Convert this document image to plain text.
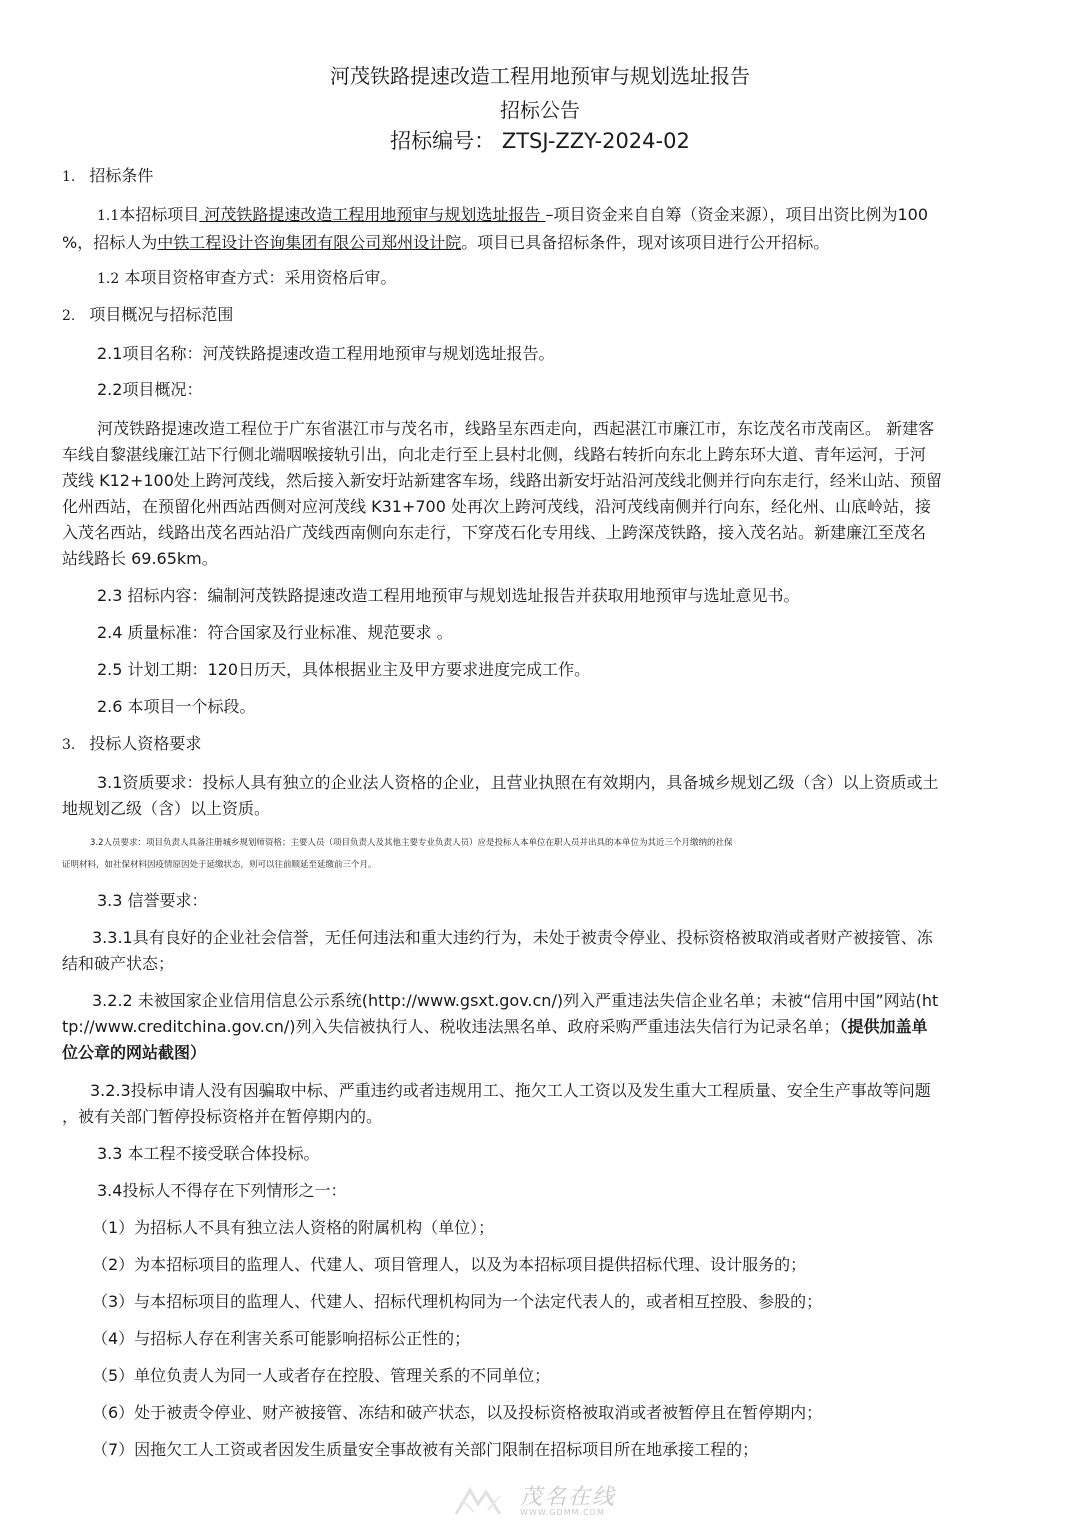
河茂铁路提速改造工程用地预审与规划选址报告
招标公告
招标编号： ZTSJ-ZZY-2024-02
1. 招标条件
1.1本招标项目 河茂铁路提速改造工程用地预审与规划选址报告 –项目资金来自自筹（资金来源），项目出资比例为100
%，招标人为中铁工程设计咨询集团有限公司郑州设计院。项目已具备招标条件，现对该项目进行公开招标。
1.2 本项目资格审查方式：采用资格后审。
2. 项目概况与招标范围
2.1项目名称：河茂铁路提速改造工程用地预审与规划选址报告。
2.2项目概况：
河茂铁路提速改造工程位于广东省湛江市与茂名市，线路呈东西走向，西起湛江市廉江市，东讫茂名市茂南区。 新建客
车线自黎湛线廉江站下行侧北端咽喉接轨引出，向北走行至上县村北侧，线路右转折向东北上跨东环大道、青年运河，于河
茂线 K12+100处上跨河茂线，然后接入新安圩站新建客车场，线路出新安圩站沿河茂线北侧并行向东走行，经米山站、预留
化州西站，在预留化州西站西侧对应河茂线 K31+700 处再次上跨河茂线，沿河茂线南侧并行向东，经化州、山底岭站，接
入茂名西站，线路出茂名西站沿广茂线西南侧向东走行，下穿茂石化专用线、上跨深茂铁路，接入茂名站。新建廉江至茂名
站线路长 69.65km。
2.3 招标内容：编制河茂铁路提速改造工程用地预审与规划选址报告并获取用地预审与选址意见书。
2.4 质量标准：符合国家及行业标准、规范要求 。
2.5 计划工期：120日历天，具体根据业主及甲方要求进度完成工作。
2.6 本项目一个标段。
3. 投标人资格要求
3.1资质要求：投标人具有独立的企业法人资格的企业，且营业执照在有效期内，具备城乡规划乙级（含）以上资质或土
地规划乙级（含）以上资质。
3.2人员要求：项目负责人具备注册城乡规划师资格；主要人员（项目负责人及其他主要专业负责人员）应是投标人本单位在职人员并出具的本单位为其近三个月缴纳的社保
证明材料，如社保材料因疫情原因处于延缴状态，则可以往前顺延至延缴前三个月。
3.3 信誉要求：
3.3.1具有良好的企业社会信誉，无任何违法和重大违约行为，未处于被责令停业、投标资格被取消或者财产被接管、冻
结和破产状态；
3.2.2 未被国家企业信用信息公示系统(http://www.gsxt.gov.cn/)列入严重违法失信企业名单；未被“信用中国”网站(ht
tp://www.creditchina.gov.cn/)列入失信被执行人、税收违法黑名单、政府采购严重违法失信行为记录名单；（提供加盖单
位公章的网站截图）
3.2.3投标申请人没有因骗取中标、严重违约或者违规用工、拖欠工人工资以及发生重大工程质量、安全生产事故等问题
，被有关部门暂停投标资格并在暂停期内的。
3.3 本工程不接受联合体投标。
3.4投标人不得存在下列情形之一：
（1）为招标人不具有独立法人资格的附属机构（单位）；
（2）为本招标项目的监理人、代建人、项目管理人，以及为本招标项目提供招标代理、设计服务的；
（3）与本招标项目的监理人、代建人、招标代理机构同为一个法定代表人的，或者相互控股、参股的；
（4）与招标人存在利害关系可能影响招标公正性的；
（5）单位负责人为同一人或者存在控股、管理关系的不同单位；
（6）处于被责令停业、财产被接管、冻结和破产状态，以及投标资格被取消或者被暂停且在暂停期内；
（7）因拖欠工人工资或者因发生质量安全事故被有关部门限制在招标项目所在地承接工程的；
茂名在线
WWW.GDMM.COM
